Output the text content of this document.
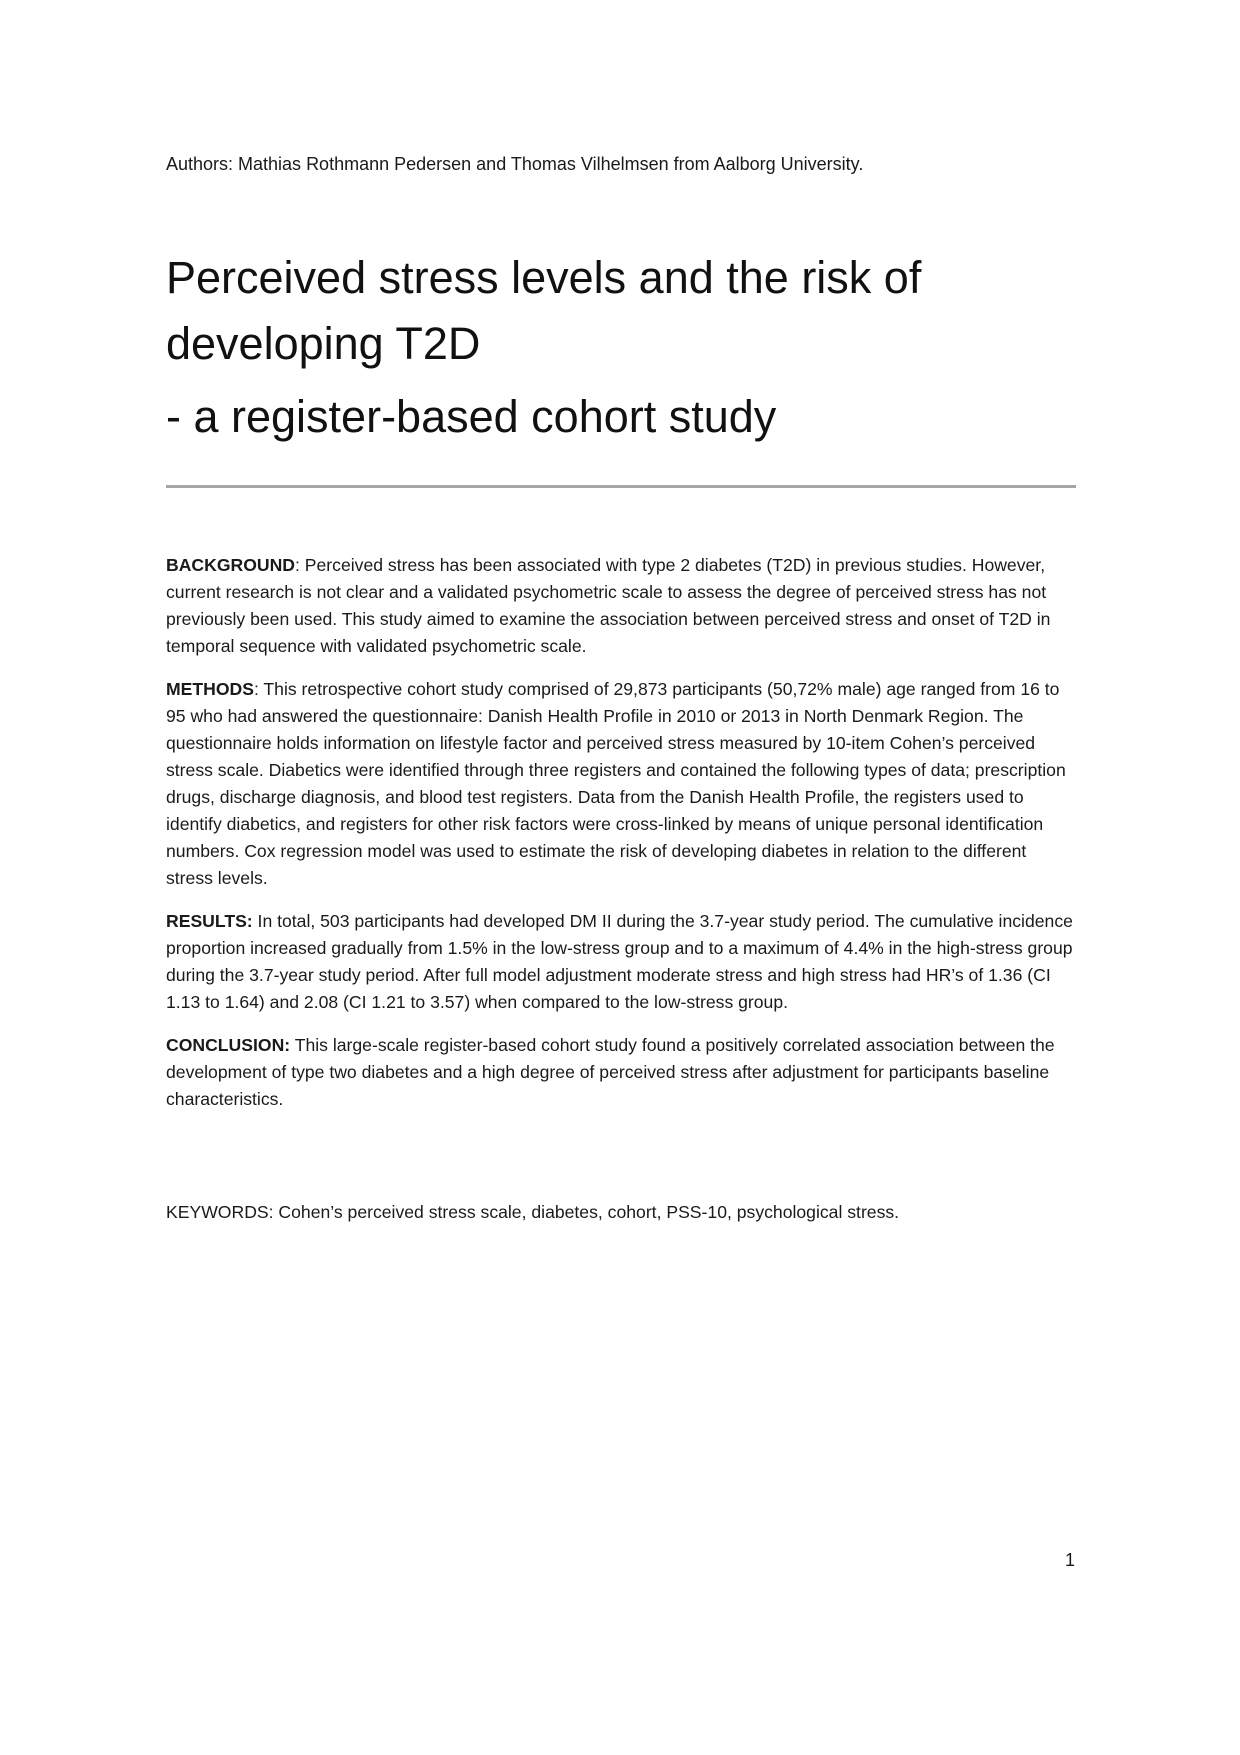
Authors: Mathias Rothmann Pedersen and Thomas Vilhelmsen from Aalborg University.
Perceived stress levels and the risk of
developing T2D
- a register-based cohort study

BACKGROUND: Perceived stress has been associated with type 2 diabetes (T2D) in previous studies. However, current research is not clear and a validated psychometric scale to assess the degree of perceived stress has not previously been used. This study aimed to examine the association between perceived stress and onset of T2D in temporal sequence with validated psychometric scale.

METHODS: This retrospective cohort study comprised of 29,873 participants (50,72% male) age ranged from 16 to 95 who had answered the questionnaire: Danish Health Profile in 2010 or 2013 in North Denmark Region. The questionnaire holds information on lifestyle factor and perceived stress measured by 10-item Cohen’s perceived stress scale. Diabetics were identified through three registers and contained the following types of data; prescription drugs, discharge diagnosis, and blood test registers. Data from the Danish Health Profile, the registers used to identify diabetics, and registers for other risk factors were cross-linked by means of unique personal identification numbers. Cox regression model was used to estimate the risk of developing diabetes in relation to the different stress levels.

RESULTS: In total, 503 participants had developed DM II during the 3.7-year study period. The cumulative incidence proportion increased gradually from 1.5% in the low-stress group and to a maximum of 4.4% in the high-stress group during the 3.7-year study period. After full model adjustment moderate stress and high stress had HR’s of 1.36 (CI 1.13 to 1.64) and 2.08 (CI 1.21 to 3.57) when compared to the low-stress group.

CONCLUSION: This large-scale register-based cohort study found a positively correlated association between the development of type two diabetes and a high degree of perceived stress after adjustment for participants baseline characteristics.

KEYWORDS: Cohen’s perceived stress scale, diabetes, cohort, PSS-10, psychological stress.
1
